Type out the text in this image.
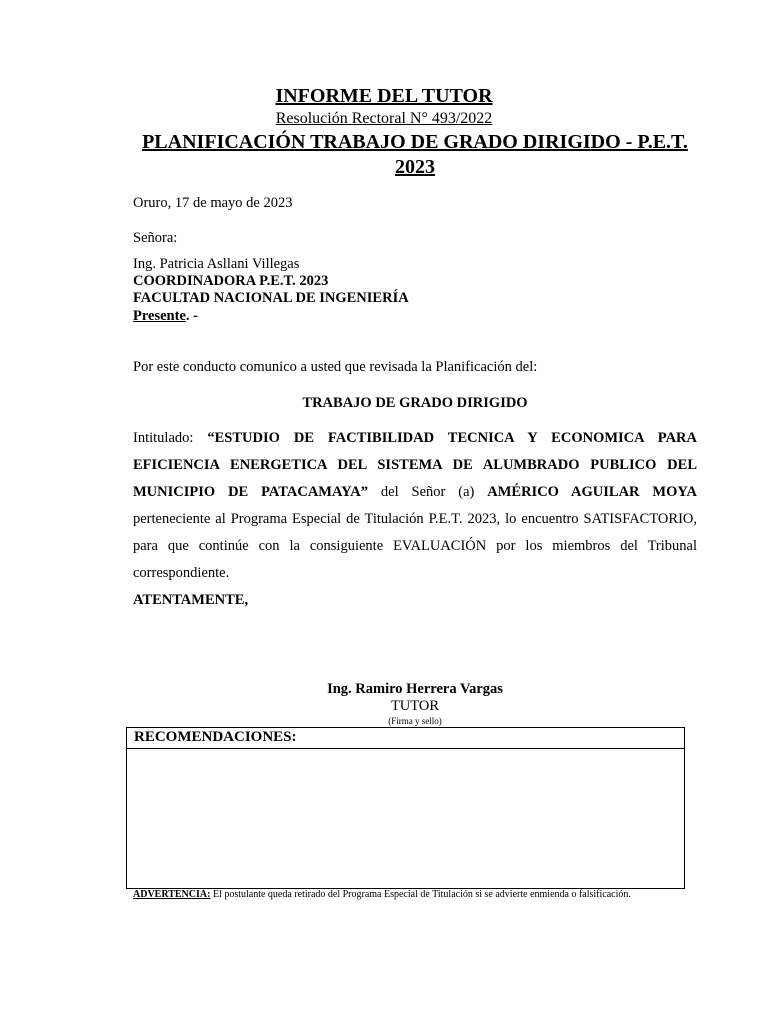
INFORME DEL TUTOR
Resolución Rectoral N° 493/2022
PLANIFICACIÓN TRABAJO DE GRADO DIRIGIDO - P.E.T. 2023
Oruro, 17 de mayo de 2023
Señora:
Ing. Patricia Asllani Villegas
COORDINADORA P.E.T. 2023
FACULTAD NACIONAL DE INGENIERÍA
Presente. -
Por este conducto comunico a usted que revisada la Planificación del:
TRABAJO DE GRADO DIRIGIDO
Intitulado: “ESTUDIO DE FACTIBILIDAD TECNICA Y ECONOMICA PARA EFICIENCIA ENERGETICA DEL SISTEMA DE ALUMBRADO PUBLICO DEL MUNICIPIO DE PATACAMAYA” del Señor (a) AMÉRICO AGUILAR MOYA perteneciente al Programa Especial de Titulación P.E.T. 2023, lo encuentro SATISFACTORIO, para que continúe con la consiguiente EVALUACIÓN por los miembros del Tribunal correspondiente.
ATENTAMENTE,
Ing. Ramiro Herrera Vargas
TUTOR
(Firma y sello)
RECOMENDACIONES:
ADVERTENCIA: El postulante queda retirado del Programa Especial de Titulación si se advierte enmienda o falsificación.
